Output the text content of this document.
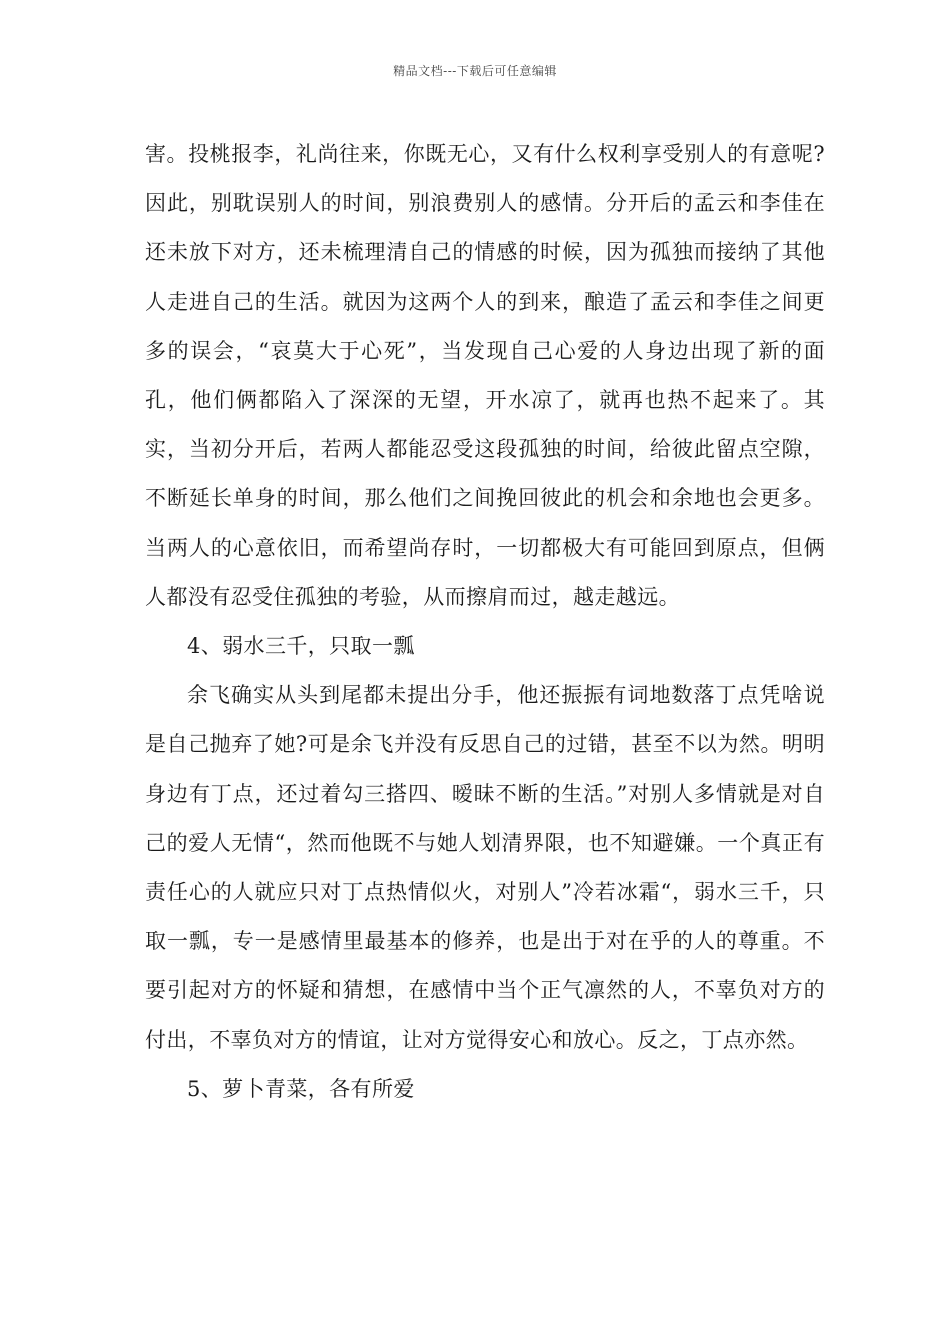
精品文档---下载后可任意编辑

害。投桃报李，礼尚往来，你既无心，又有什么权利享受别人的有意呢?因此，别耽误别人的时间，别浪费别人的感情。分开后的孟云和李佳在还未放下对方，还未梳理清自己的情感的时候，因为孤独而接纳了其他人走进自己的生活。就因为这两个人的到来，酿造了孟云和李佳之间更多的误会，“哀莫大于心死”，当发现自己心爱的人身边出现了新的面孔，他们俩都陷入了深深的无望，开水凉了，就再也热不起来了。其实，当初分开后，若两人都能忍受这段孤独的时间，给彼此留点空隙，不断延长单身的时间，那么他们之间挽回彼此的机会和余地也会更多。当两人的心意依旧，而希望尚存时，一切都极大有可能回到原点，但俩人都没有忍受住孤独的考验，从而擦肩而过，越走越远。

4、弱水三千，只取一瓢

余飞确实从头到尾都未提出分手，他还振振有词地数落丁点凭啥说是自己抛弃了她?可是余飞并没有反思自己的过错，甚至不以为然。明明身边有丁点，还过着勾三搭四、暧昧不断的生活。”对别人多情就是对自己的爱人无情“，然而他既不与她人划清界限，也不知避嫌。一个真正有责任心的人就应只对丁点热情似火，对别人”冷若冰霜“，弱水三千，只取一瓢，专一是感情里最基本的修养，也是出于对在乎的人的尊重。不要引起对方的怀疑和猜想，在感情中当个正气凛然的人，不辜负对方的付出，不辜负对方的情谊，让对方觉得安心和放心。反之，丁点亦然。

5、萝卜青菜，各有所爱
